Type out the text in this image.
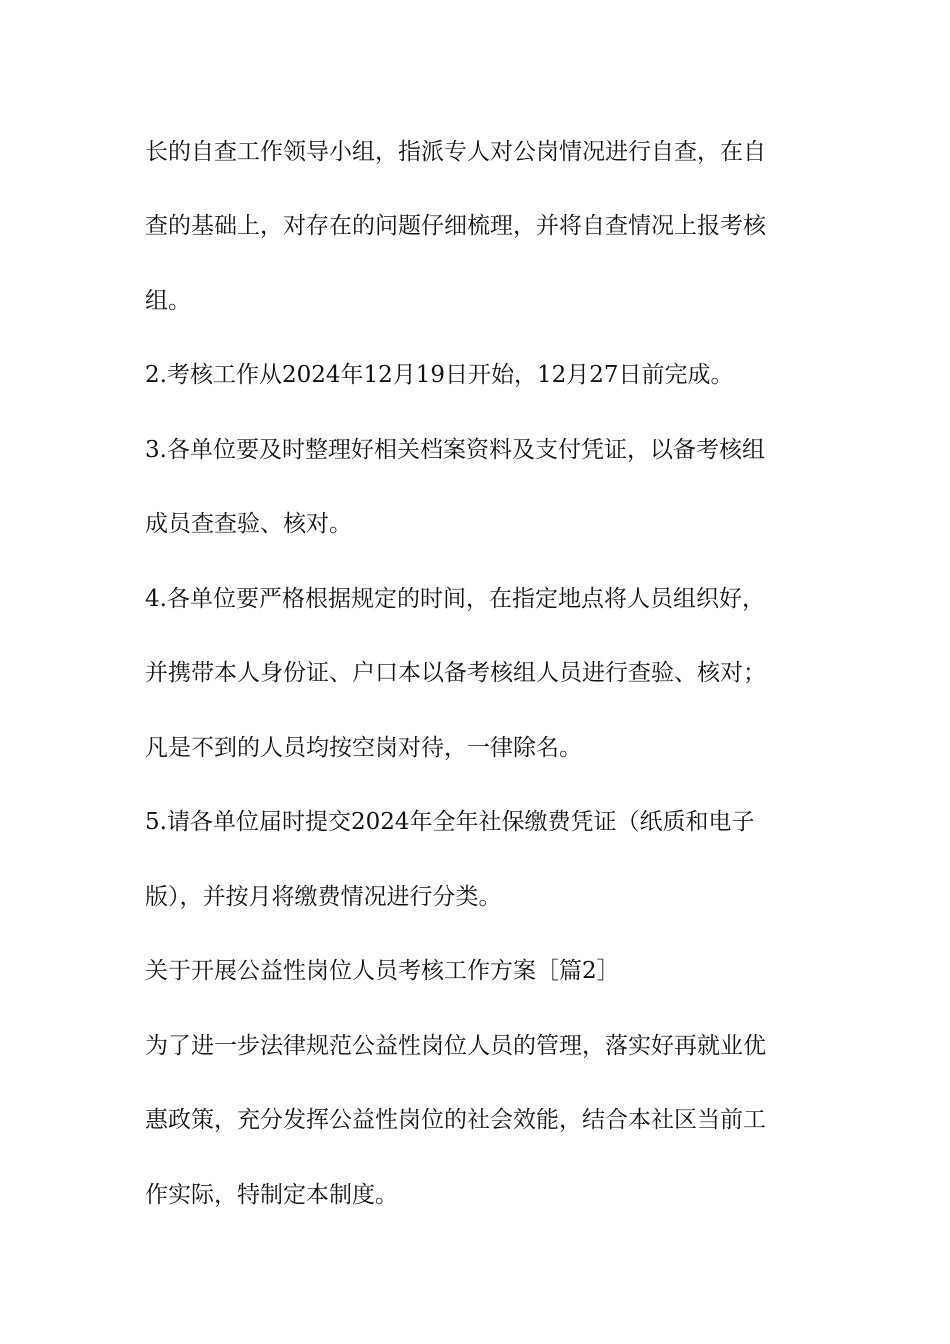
长的自查工作领导小组，指派专人对公岗情况进行自查，在自

查的基础上，对存在的问题仔细梳理，并将自查情况上报考核

组。

2.考核工作从2024年12月19日开始，12月27日前完成。

3.各单位要及时整理好相关档案资料及支付凭证，以备考核组

成员查查验、核对。

4.各单位要严格根据规定的时间，在指定地点将人员组织好，

并携带本人身份证、户口本以备考核组人员进行查验、核对；

凡是不到的人员均按空岗对待，一律除名。

5.请各单位届时提交2024年全年社保缴费凭证（纸质和电子

版），并按月将缴费情况进行分类。

关于开展公益性岗位人员考核工作方案［篇2］

为了进一步法律规范公益性岗位人员的管理，落实好再就业优

惠政策，充分发挥公益性岗位的社会效能，结合本社区当前工

作实际，特制定本制度。
